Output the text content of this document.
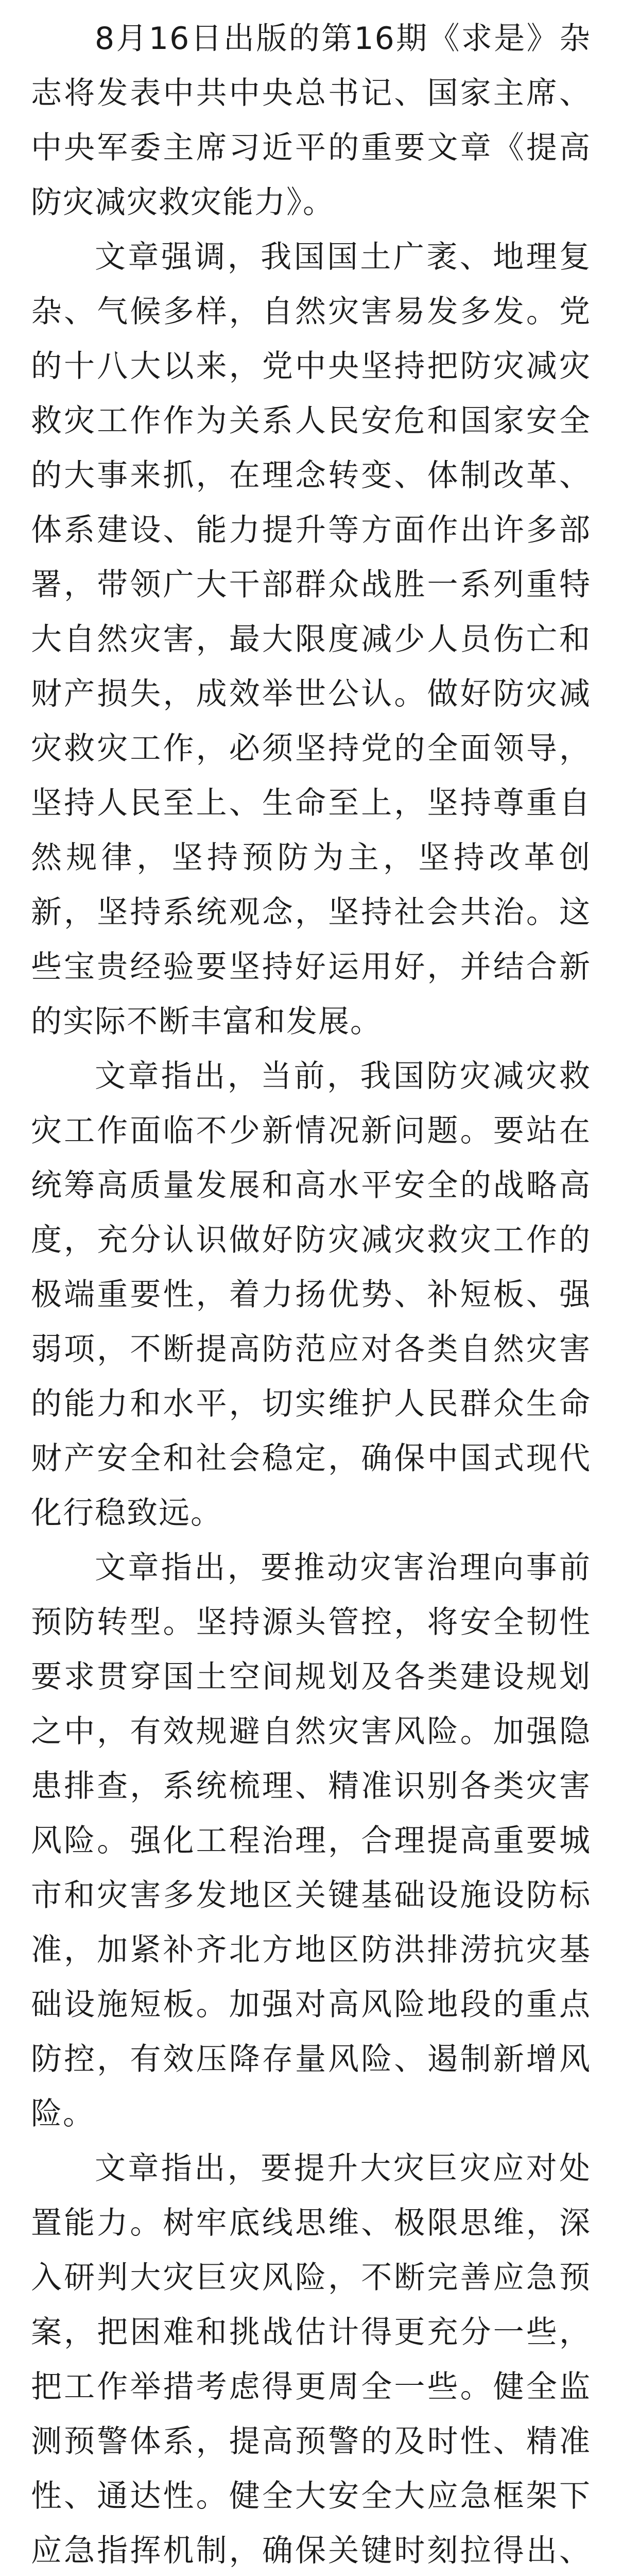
8月16日出版的第16期《求是》杂志将发表中共中央总书记、国家主席、中央军委主席习近平的重要文章《提高防灾减灾救灾能力》。

文章强调，我国国土广袤、地理复杂、气候多样，自然灾害易发多发。党的十八大以来，党中央坚持把防灾减灾救灾工作作为关系人民安危和国家安全的大事来抓，在理念转变、体制改革、体系建设、能力提升等方面作出许多部署，带领广大干部群众战胜一系列重特大自然灾害，最大限度减少人员伤亡和财产损失，成效举世公认。做好防灾减灾救灾工作，必须坚持党的全面领导，坚持人民至上、生命至上，坚持尊重自然规律，坚持预防为主，坚持改革创新，坚持系统观念，坚持社会共治。这些宝贵经验要坚持好运用好，并结合新的实际不断丰富和发展。

文章指出，当前，我国防灾减灾救灾工作面临不少新情况新问题。要站在统筹高质量发展和高水平安全的战略高度，充分认识做好防灾减灾救灾工作的极端重要性，着力扬优势、补短板、强弱项，不断提高防范应对各类自然灾害的能力和水平，切实维护人民群众生命财产安全和社会稳定，确保中国式现代化行稳致远。

文章指出，要推动灾害治理向事前预防转型。坚持源头管控，将安全韧性要求贯穿国土空间规划及各类建设规划之中，有效规避自然灾害风险。加强隐患排查，系统梳理、精准识别各类灾害风险。强化工程治理，合理提高重要城市和灾害多发地区关键基础设施设防标准，加紧补齐北方地区防洪排涝抗灾基础设施短板。加强对高风险地段的重点防控，有效压降存量风险、遏制新增风险。

文章指出，要提升大灾巨灾应对处置能力。树牢底线思维、极限思维，深入研判大灾巨灾风险，不断完善应急预案，把困难和挑战估计得更充分一些，把工作举措考虑得更周全一些。健全监测预警体系，提高预警的及时性、精准性、通达性。健全大安全大应急框架下应急指挥机制，确保关键时刻拉得出、
